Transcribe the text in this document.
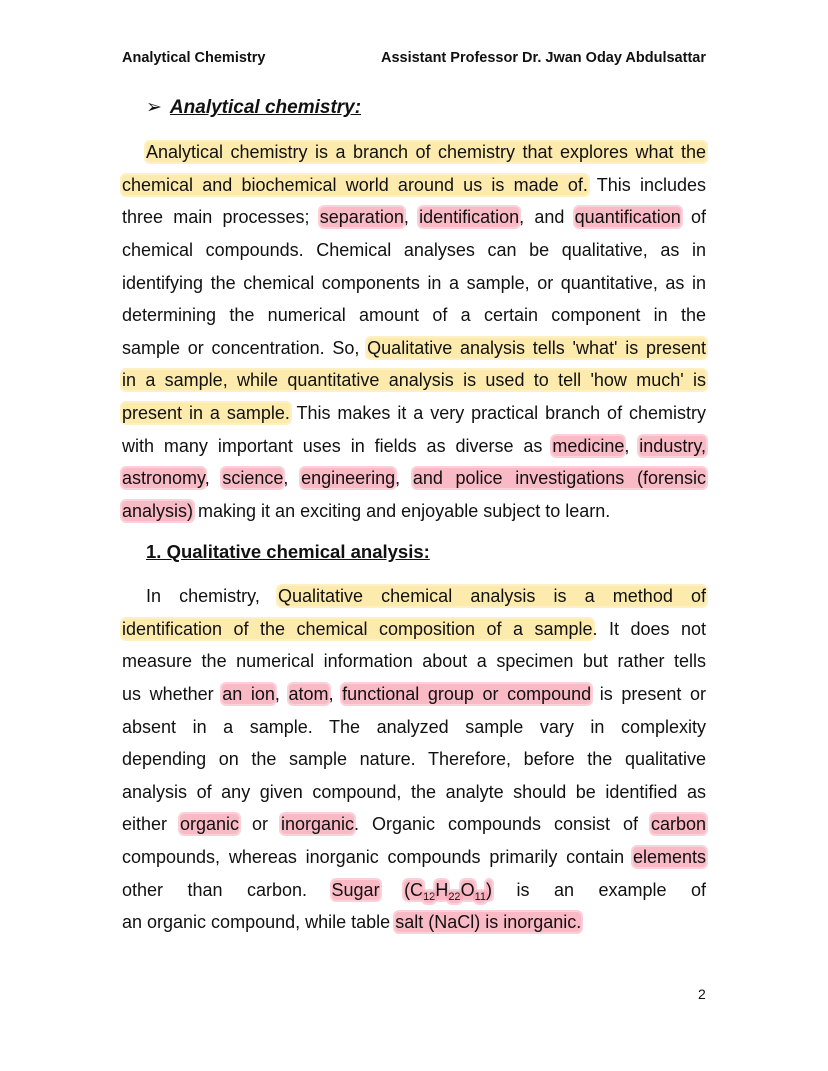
Analytical Chemistry	Assistant Professor Dr. Jwan Oday Abdulsattar
➢ Analytical chemistry:
Analytical chemistry is a branch of chemistry that explores what the
chemical and biochemical world around us is made of. This includes
three main processes; separation, identification, and quantification of
chemical compounds. Chemical analyses can be qualitative, as in
identifying the chemical components in a sample, or quantitative, as in
determining the numerical amount of a certain component in the
sample or concentration. So, Qualitative analysis tells 'what' is present
in a sample, while quantitative analysis is used to tell 'how much' is
present in a sample. This makes it a very practical branch of chemistry
with many important uses in fields as diverse as medicine, industry,
astronomy, science, engineering, and police investigations (forensic
analysis) making it an exciting and enjoyable subject to learn.
1. Qualitative chemical analysis:
In chemistry, Qualitative chemical analysis is a method of
identification of the chemical composition of a sample. It does not
measure the numerical information about a specimen but rather tells
us whether an ion, atom, functional group or compound is present or
absent in a sample. The analyzed sample vary in complexity
depending on the sample nature. Therefore, before the qualitative
analysis of any given compound, the analyte should be identified as
either organic or inorganic. Organic compounds consist of carbon
compounds, whereas inorganic compounds primarily contain elements
other than carbon. Sugar $(C_{12}H_{22}O_{11})$ is an example of
an organic compound, while table salt (NaCl) is inorganic.
2
